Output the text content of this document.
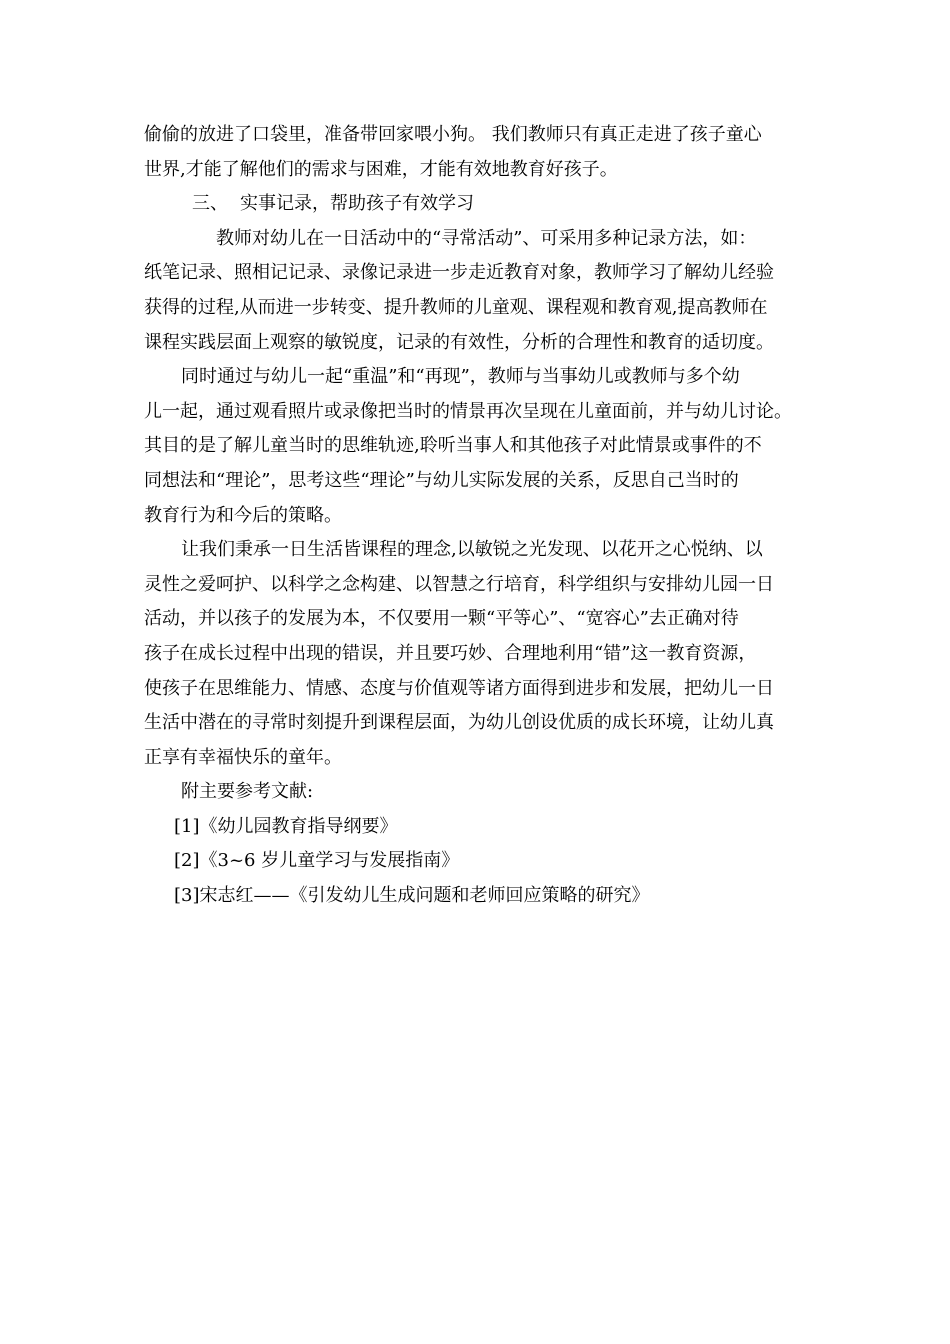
偷偷的放进了口袋里，准备带回家喂小狗。 我们教师只有真正走进了孩子童心
世界,才能了解他们的需求与困难，才能有效地教育好孩子。
三、 实事记录，帮助孩子有效学习
教师对幼儿在一日活动中的“寻常活动”、可采用多种记录方法，如：
纸笔记录、照相记记录、录像记录进一步走近教育对象，教师学习了解幼儿经验
获得的过程,从而进一步转变、提升教师的儿童观、课程观和教育观,提高教师在
课程实践层面上观察的敏锐度，记录的有效性，分析的合理性和教育的适切度。
同时通过与幼儿一起“重温”和“再现”，教师与当事幼儿或教师与多个幼
儿一起，通过观看照片或录像把当时的情景再次呈现在儿童面前，并与幼儿讨论。
其目的是了解儿童当时的思维轨迹,聆听当事人和其他孩子对此情景或事件的不
同想法和“理论”，思考这些“理论”与幼儿实际发展的关系，反思自己当时的
教育行为和今后的策略。
让我们秉承一日生活皆课程的理念,以敏锐之光发现、以花开之心悦纳、以
灵性之爱呵护、以科学之念构建、以智慧之行培育，科学组织与安排幼儿园一日
活动，并以孩子的发展为本，不仅要用一颗“平等心”、“宽容心”去正确对待
孩子在成长过程中出现的错误，并且要巧妙、合理地利用“错”这一教育资源，
使孩子在思维能力、情感、态度与价值观等诸方面得到进步和发展，把幼儿一日
生活中潜在的寻常时刻提升到课程层面，为幼儿创设优质的成长环境，让幼儿真
正享有幸福快乐的童年。
附主要参考文献:
[1]《幼儿园教育指导纲要》
[2]《3~6 岁儿童学习与发展指南》
[3]宋志红——《引发幼儿生成问题和老师回应策略的研究》
